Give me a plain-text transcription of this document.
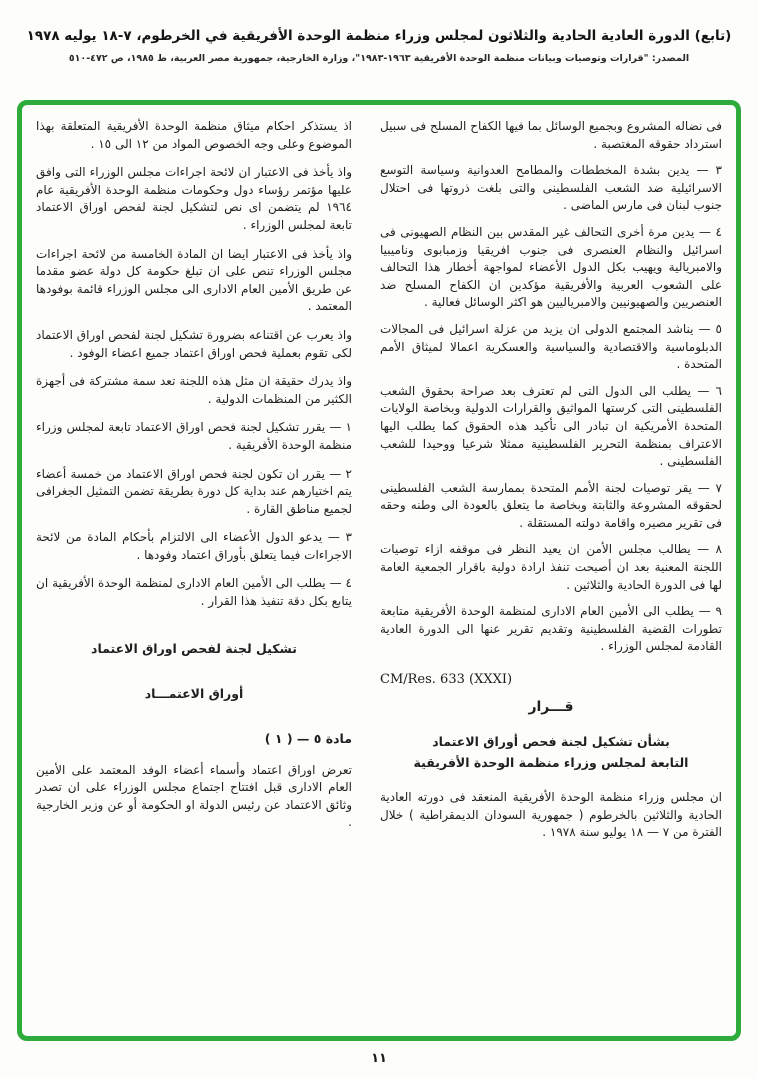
(تابع) الدورة العادية الحادية والثلاثون لمجلس وزراء منظمة الوحدة الأفريقية في الخرطوم، ٧-١٨ يوليه ١٩٧٨
المصدر: "قرارات وتوصيات وبيانات منظمة الوحدة الأفريقية ١٩٦٣-١٩٨٣"، وزارة الخارجية، جمهورية مصر العربية، ط ١٩٨٥، ص ٤٧٢-٥١٠

فى نضاله المشروع وبجميع الوسائل بما فيها الكفاح المسلح فى سبيل استرداد حقوقه المغتصبة .

٣ — يدين بشدة المخططات والمطامح العدوانية وسياسة التوسع الاسرائيلية ضد الشعب الفلسطينى والتى بلغت ذروتها فى احتلال جنوب لبنان فى مارس الماضى .

٤ — يدين مرة أخرى التحالف غير المقدس بين النظام الصهيونى فى اسرائيل والنظام العنصرى فى جنوب افريقيا وزمبابوى وناميبيا والامبريالية ويهيب بكل الدول الأعضاء لمواجهة أخطار هذا التحالف على الشعوب العربية والأفريقية مؤكدين ان الكفاح المسلح ضد العنصريين والصهيونيين والامبرياليين هو اكثر الوسائل فعالية .

٥ — يناشد المجتمع الدولى ان يزيد من عزلة اسرائيل فى المجالات الدبلوماسية والاقتصادية والسياسية والعسكرية اعمالا لميثاق الأمم المتحدة .

٦ — يطلب الى الدول التى لم تعترف بعد صراحة بحقوق الشعب الفلسطينى التى كرستها المواثيق والقرارات الدولية وبخاصة الولايات المتحدة الأمريكية ان تبادر الى تأكيد هذه الحقوق كما يطلب اليها الاعتراف بمنظمة التحرير الفلسطينية ممثلا شرعيا ووحيدا للشعب الفلسطينى .

٧ — يقر توصيات لجنة الأمم المتحدة بممارسة الشعب الفلسطينى لحقوقه المشروعة والثابتة وبخاصة ما يتعلق بالعودة الى وطنه وحقه فى تقرير مصيره واقامة دولته المستقلة .

٨ — يطالب مجلس الأمن ان يعيد النظر فى موقفه ازاء توصيات اللجنة المعنية بعد ان أصبحت تنفذ ارادة دولية باقرار الجمعية العامة لها فى الدورة الحادية والثلاثين .

٩ — يطلب الى الأمين العام الادارى لمنظمة الوحدة الأفريقية متابعة تطورات القضية الفلسطينية وتقديم تقرير عنها الى الدورة العادية القادمة لمجلس الوزراء .

CM/Res. 633 (XXXI)
قـــرار
بشأن تشكيل لجنة فحص أوراق الاعتماد
التابعة لمجلس وزراء منظمة الوحدة الأفريقية

ان مجلس وزراء منظمة الوحدة الأفريقية المنعقد فى دورته العادية الحادية والثلاثين بالخرطوم ( جمهورية السودان الديمقراطية ) خلال الفترة من ٧ — ١٨ يوليو سنة ١٩٧٨ .

اذ يستذكر احكام ميثاق منظمة الوحدة الأفريقية المتعلقة بهذا الموضوع وعلى وجه الخصوص المواد من ١٢ الى ١٥ .

واذ يأخذ فى الاعتبار ان لائحة اجراءات مجلس الوزراء التى وافق عليها مؤتمر رؤساء دول وحكومات منظمة الوحدة الأفريقية عام ١٩٦٤ لم يتضمن اى نص لتشكيل لجنة لفحص اوراق الاعتماد تابعة لمجلس الوزراء .

واذ يأخذ فى الاعتبار ايضا ان المادة الخامسة من لائحة اجراءات مجلس الوزراء تنص على ان تبلغ حكومة كل دولة عضو مقدما عن طريق الأمين العام الادارى الى مجلس الوزراء قائمة بوفودها المعتمد .

واذ يعرب عن اقتناعه بضرورة تشكيل لجنة لفحص اوراق الاعتماد لكى تقوم بعملية فحص اوراق اعتماد جميع اعضاء الوفود .

واذ يدرك حقيقة ان مثل هذه اللجنة تعد سمة مشتركة فى أجهزة الكثير من المنظمات الدولية .

١ — يقرر تشكيل لجنة فحص اوراق الاعتماد تابعة لمجلس وزراء منظمة الوحدة الأفريقية .

٢ — يقرر ان تكون لجنة فحص اوراق الاعتماد من خمسة أعضاء يتم اختيارهم عند بداية كل دورة بطريقة تضمن التمثيل الجغرافى لجميع مناطق القارة .

٣ — يدعو الدول الأعضاء الى الالتزام بأحكام المادة من لائحة الاجراءات فيما يتعلق بأوراق اعتماد وفودها .

٤ — يطلب الى الأمين العام الادارى لمنظمة الوحدة الأفريقية ان يتابع بكل دقة تنفيذ هذا القرار .

تشكيل لجنة لفحص اوراق الاعتماد
أوراق الاعتمـــاد
مادة ٥ — ( ١ )

تعرض اوراق اعتماد وأسماء أعضاء الوفد المعتمد على الأمين العام الادارى قبل افتتاح اجتماع مجلس الوزراء على ان تصدر وثائق الاعتماد عن رئيس الدولة او الحكومة أو عن وزير الخارجية .

١١
